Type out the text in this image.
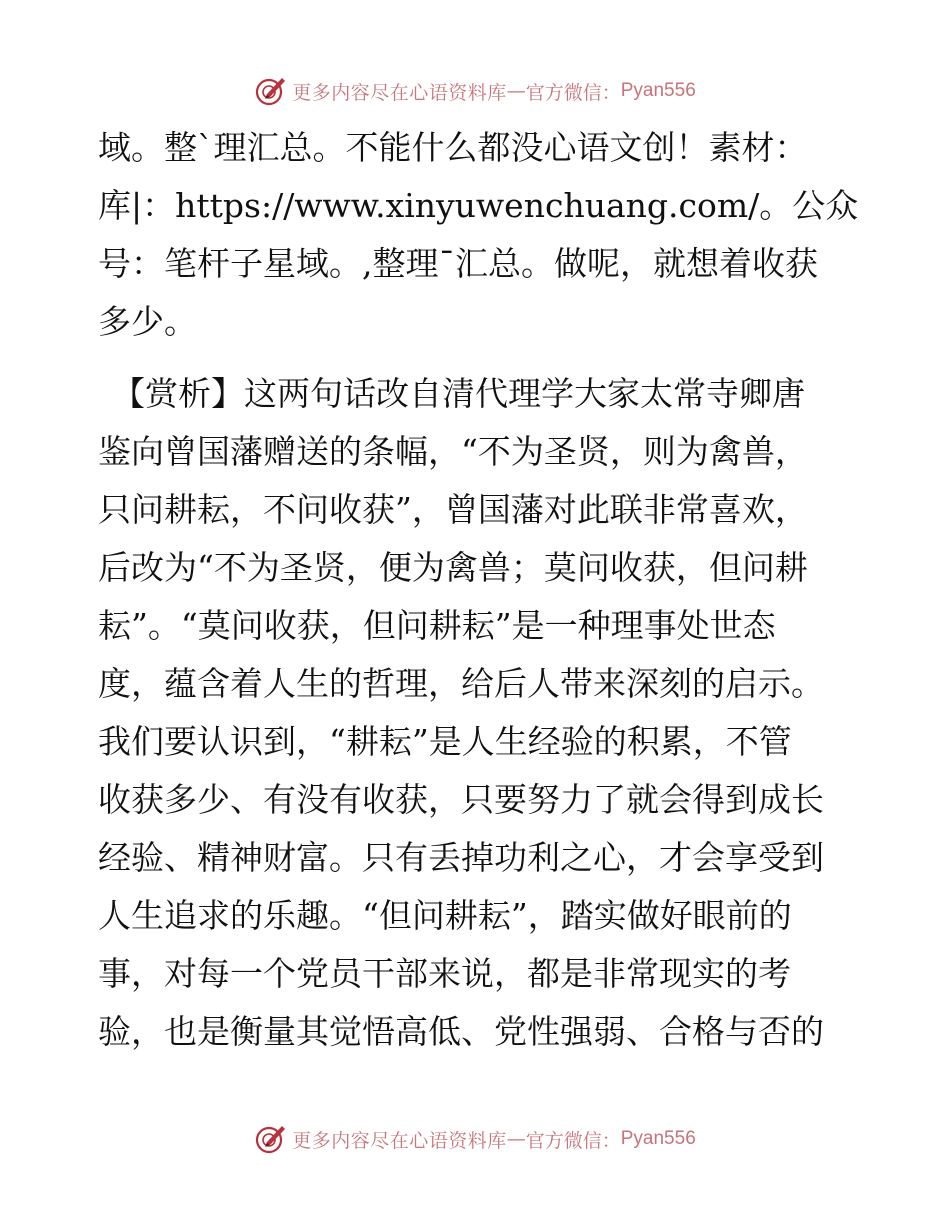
更多内容尽在心语资料库 — 官方微信： Pyan556
域。整`理汇总。不能什么都没心语文创！素材：
库|：https://www.xinyuwenchuang.com/。公众
号：笔杆子星域。,整理¯汇总。做呢，就想着收获
多少。
【赏析】这两句话改自清代理学大家太常寺卿唐
鉴向曾国藩赠送的条幅，“不为圣贤，则为禽兽，
只问耕耘，不问收获”，曾国藩对此联非常喜欢，
后改为“不为圣贤，便为禽兽；莫问收获，但问耕
耘”。“莫问收获，但问耕耘”是一种理事处世态
度，蕴含着人生的哲理，给后人带来深刻的启示。
我们要认识到，“耕耘”是人生经验的积累，不管
收获多少、有没有收获，只要努力了就会得到成长
经验、精神财富。只有丢掉功利之心，才会享受到
人生追求的乐趣。“但问耕耘”，踏实做好眼前的
事，对每一个党员干部来说，都是非常现实的考
验，也是衡量其觉悟高低、党性强弱、合格与否的
更多内容尽在心语资料库 — 官方微信： Pyan556
